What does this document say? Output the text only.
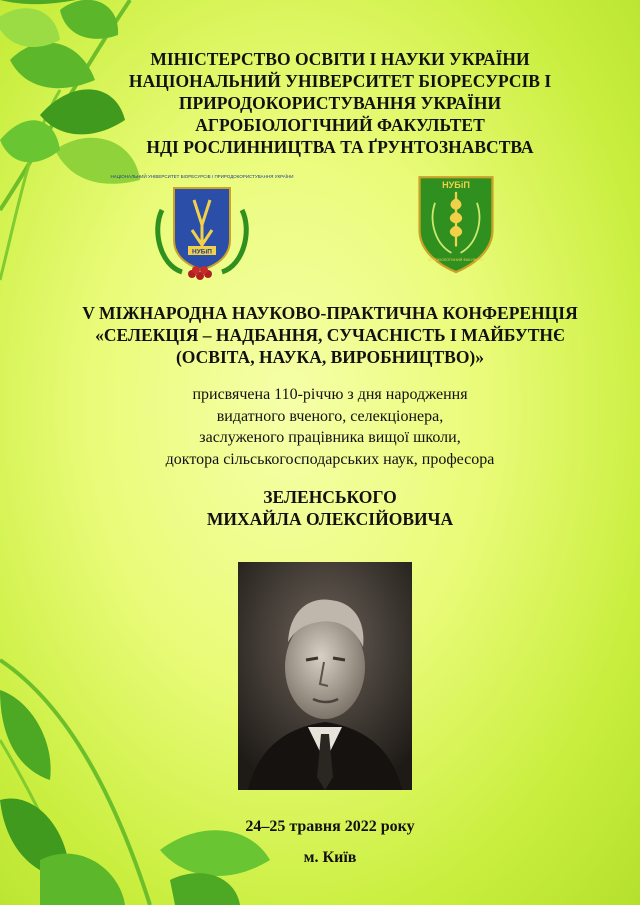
МІНІСТЕРСТВО ОСВІТИ І НАУКИ УКРАЇНИ
НАЦІОНАЛЬНИЙ УНІВЕРСИТЕТ БІОРЕСУРСІВ І
ПРИРОДОКОРИСТУВАННЯ УКРАЇНИ
АГРОБІОЛОГІЧНИЙ ФАКУЛЬТЕТ
НДІ РОСЛИННИЦТВА ТА ҐРУНТОЗНАВСТВА
НАЦІОНАЛЬНИЙ УНІВЕРСИТЕТ БІОРЕСУРСІВ І ПРИРОДОКОРИСТУВАННЯ УКРАЇНИ
НУБіП
НУБіП
АГРОБІОЛОГІЧНИЙ ФАКУЛЬТЕТ
V МІЖНАРОДНА НАУКОВО-ПРАКТИЧНА КОНФЕРЕНЦІЯ
«СЕЛЕКЦІЯ – НАДБАННЯ, СУЧАСНІСТЬ І МАЙБУТНЄ
(ОСВІТА, НАУКА, ВИРОБНИЦТВО)»
присвячена 110-річчю з дня народження
видатного вченого, селекціонера,
заслуженого працівника вищої школи,
доктора сільськогосподарських наук, професора
ЗЕЛЕНСЬКОГО
МИХАЙЛА ОЛЕКСІЙОВИЧА
24–25 травня 2022 року
м. Київ
